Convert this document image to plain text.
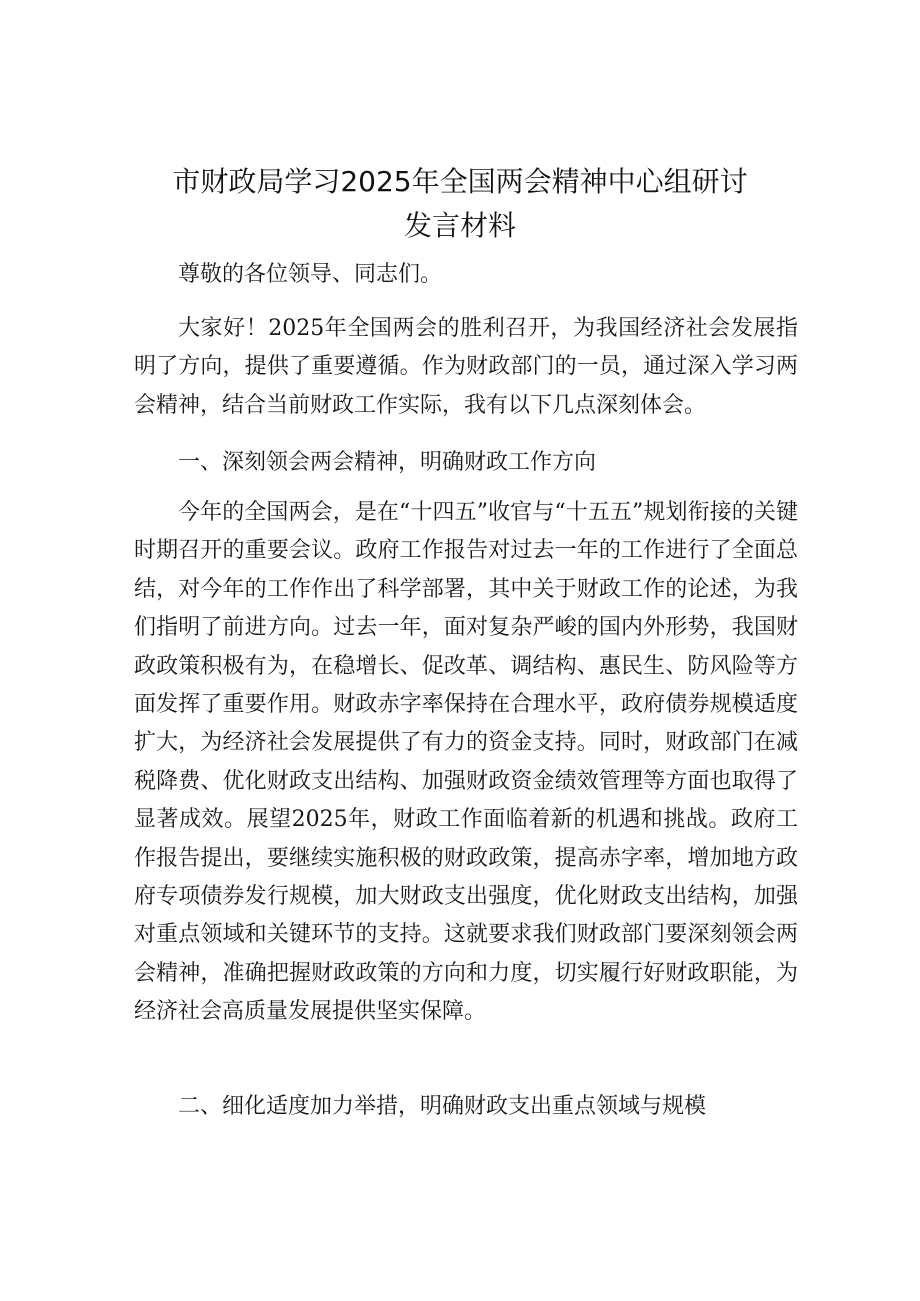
市财政局学习2025年全国两会精神中心组研讨
发言材料

尊敬的各位领导、同志们。

大家好！2025年全国两会的胜利召开，为我国经济社会发展指明了方向，提供了重要遵循。作为财政部门的一员，通过深入学习两会精神，结合当前财政工作实际，我有以下几点深刻体会。

一、深刻领会两会精神，明确财政工作方向

今年的全国两会，是在“十四五”收官与“十五五”规划衔接的关键时期召开的重要会议。政府工作报告对过去一年的工作进行了全面总结，对今年的工作作出了科学部署，其中关于财政工作的论述，为我们指明了前进方向。过去一年，面对复杂严峻的国内外形势，我国财政政策积极有为，在稳增长、促改革、调结构、惠民生、防风险等方面发挥了重要作用。财政赤字率保持在合理水平，政府债券规模适度扩大，为经济社会发展提供了有力的资金支持。同时，财政部门在减税降费、优化财政支出结构、加强财政资金绩效管理等方面也取得了显著成效。展望2025年，财政工作面临着新的机遇和挑战。政府工作报告提出，要继续实施积极的财政政策，提高赤字率，增加地方政府专项债券发行规模，加大财政支出强度，优化财政支出结构，加强对重点领域和关键环节的支持。这就要求我们财政部门要深刻领会两会精神，准确把握财政政策的方向和力度，切实履行好财政职能，为经济社会高质量发展提供坚实保障。

二、细化适度加力举措，明确财政支出重点领域与规模
